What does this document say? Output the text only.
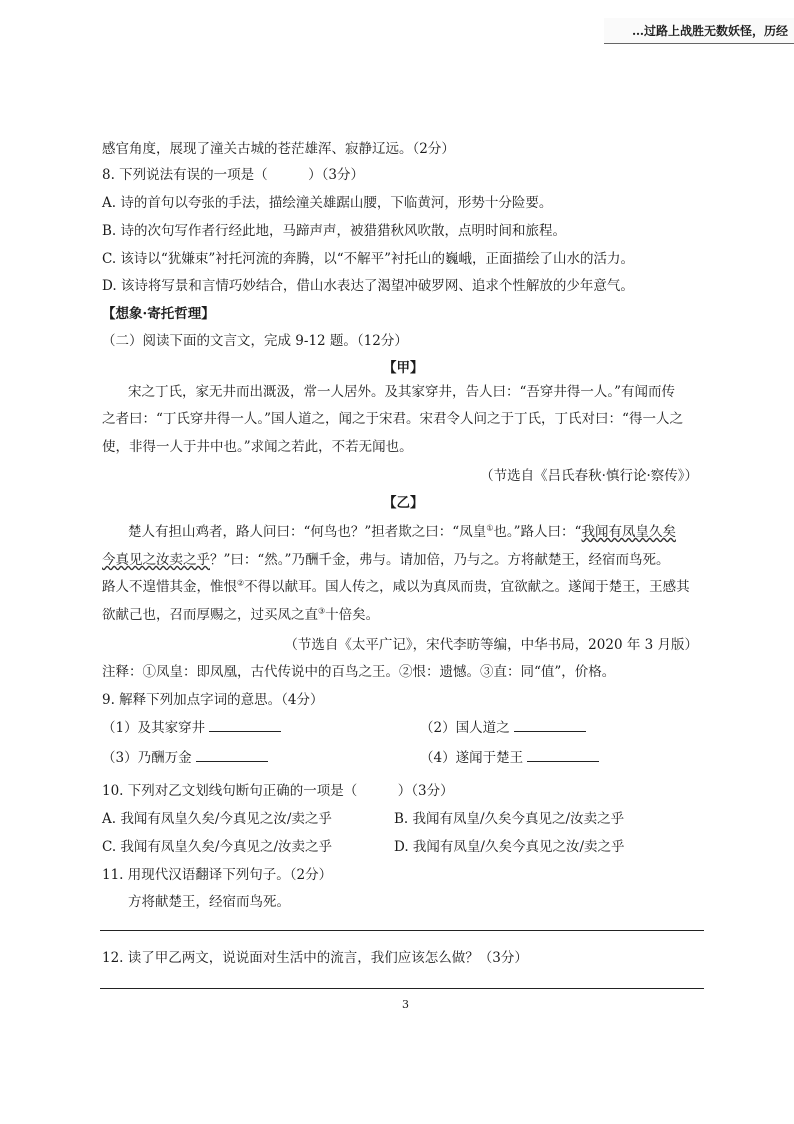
…过路上战胜无数妖怪，历经
感官角度，展现了潼关古城的苍茫雄浑、寂静辽远。（2分）
8. 下列说法有误的一项是（　　　）（3分）
A. 诗的首句以夸张的手法，描绘潼关雄踞山腰，下临黄河，形势十分险要。
B. 诗的次句写作者行经此地，马蹄声声，被猎猎秋风吹散，点明时间和旅程。
C. 该诗以“犹嫌束”衬托河流的奔腾，以“不解平”衬托山的巍峨，正面描绘了山水的活力。
D. 该诗将写景和言情巧妙结合，借山水表达了渴望冲破罗网、追求个性解放的少年意气。
【想象·寄托哲理】
（二）阅读下面的文言文，完成 9-12 题。（12分）
【甲】
宋之丁氏，家无井而出溉汲，常一人居外。及其家穿井，告人曰：“吾穿井得一人。”有闻而传
之者曰：“丁氏穿井得一人。”国人道之，闻之于宋君。宋君令人问之于丁氏，丁氏对曰：“得一人之
使，非得一人于井中也。”求闻之若此，不若无闻也。
（节选自《吕氏春秋·慎行论·察传》）
【乙】
楚人有担山鸡者，路人问曰：“何鸟也？”担者欺之曰：“凤皇①也。”路人曰：“我闻有凤皇久矣
今真见之汝卖之乎？”曰：“然。”乃酬千金，弗与。请加倍，乃与之。方将献楚王，经宿而鸟死。
路人不遑惜其金，惟恨②不得以献耳。国人传之，咸以为真凤而贵，宜欲献之。遂闻于楚王，王感其
欲献己也，召而厚赐之，过买凤之直③十倍矣。
（节选自《太平广记》，宋代李昉等编，中华书局，2020 年 3 月版）
注释：①凤皇：即凤凰，古代传说中的百鸟之王。②恨：遗憾。③直：同“值”，价格。
9. 解释下列加点字词的意思。（4分）
（1）及其家穿井	（2）国人道之
（3）乃酬万金	（4）遂闻于楚王
10. 下列对乙文划线句断句正确的一项是（　　　）（3分）
A. 我闻有凤皇久矣/今真见之汝/卖之乎	B. 我闻有凤皇/久矣今真见之/汝卖之乎
C. 我闻有凤皇久矣/今真见之/汝卖之乎	D. 我闻有凤皇/久矣今真见之汝/卖之乎
11. 用现代汉语翻译下列句子。（2分）
方将献楚王，经宿而鸟死。
12. 读了甲乙两文，说说面对生活中的流言，我们应该怎么做？（3分）
3
